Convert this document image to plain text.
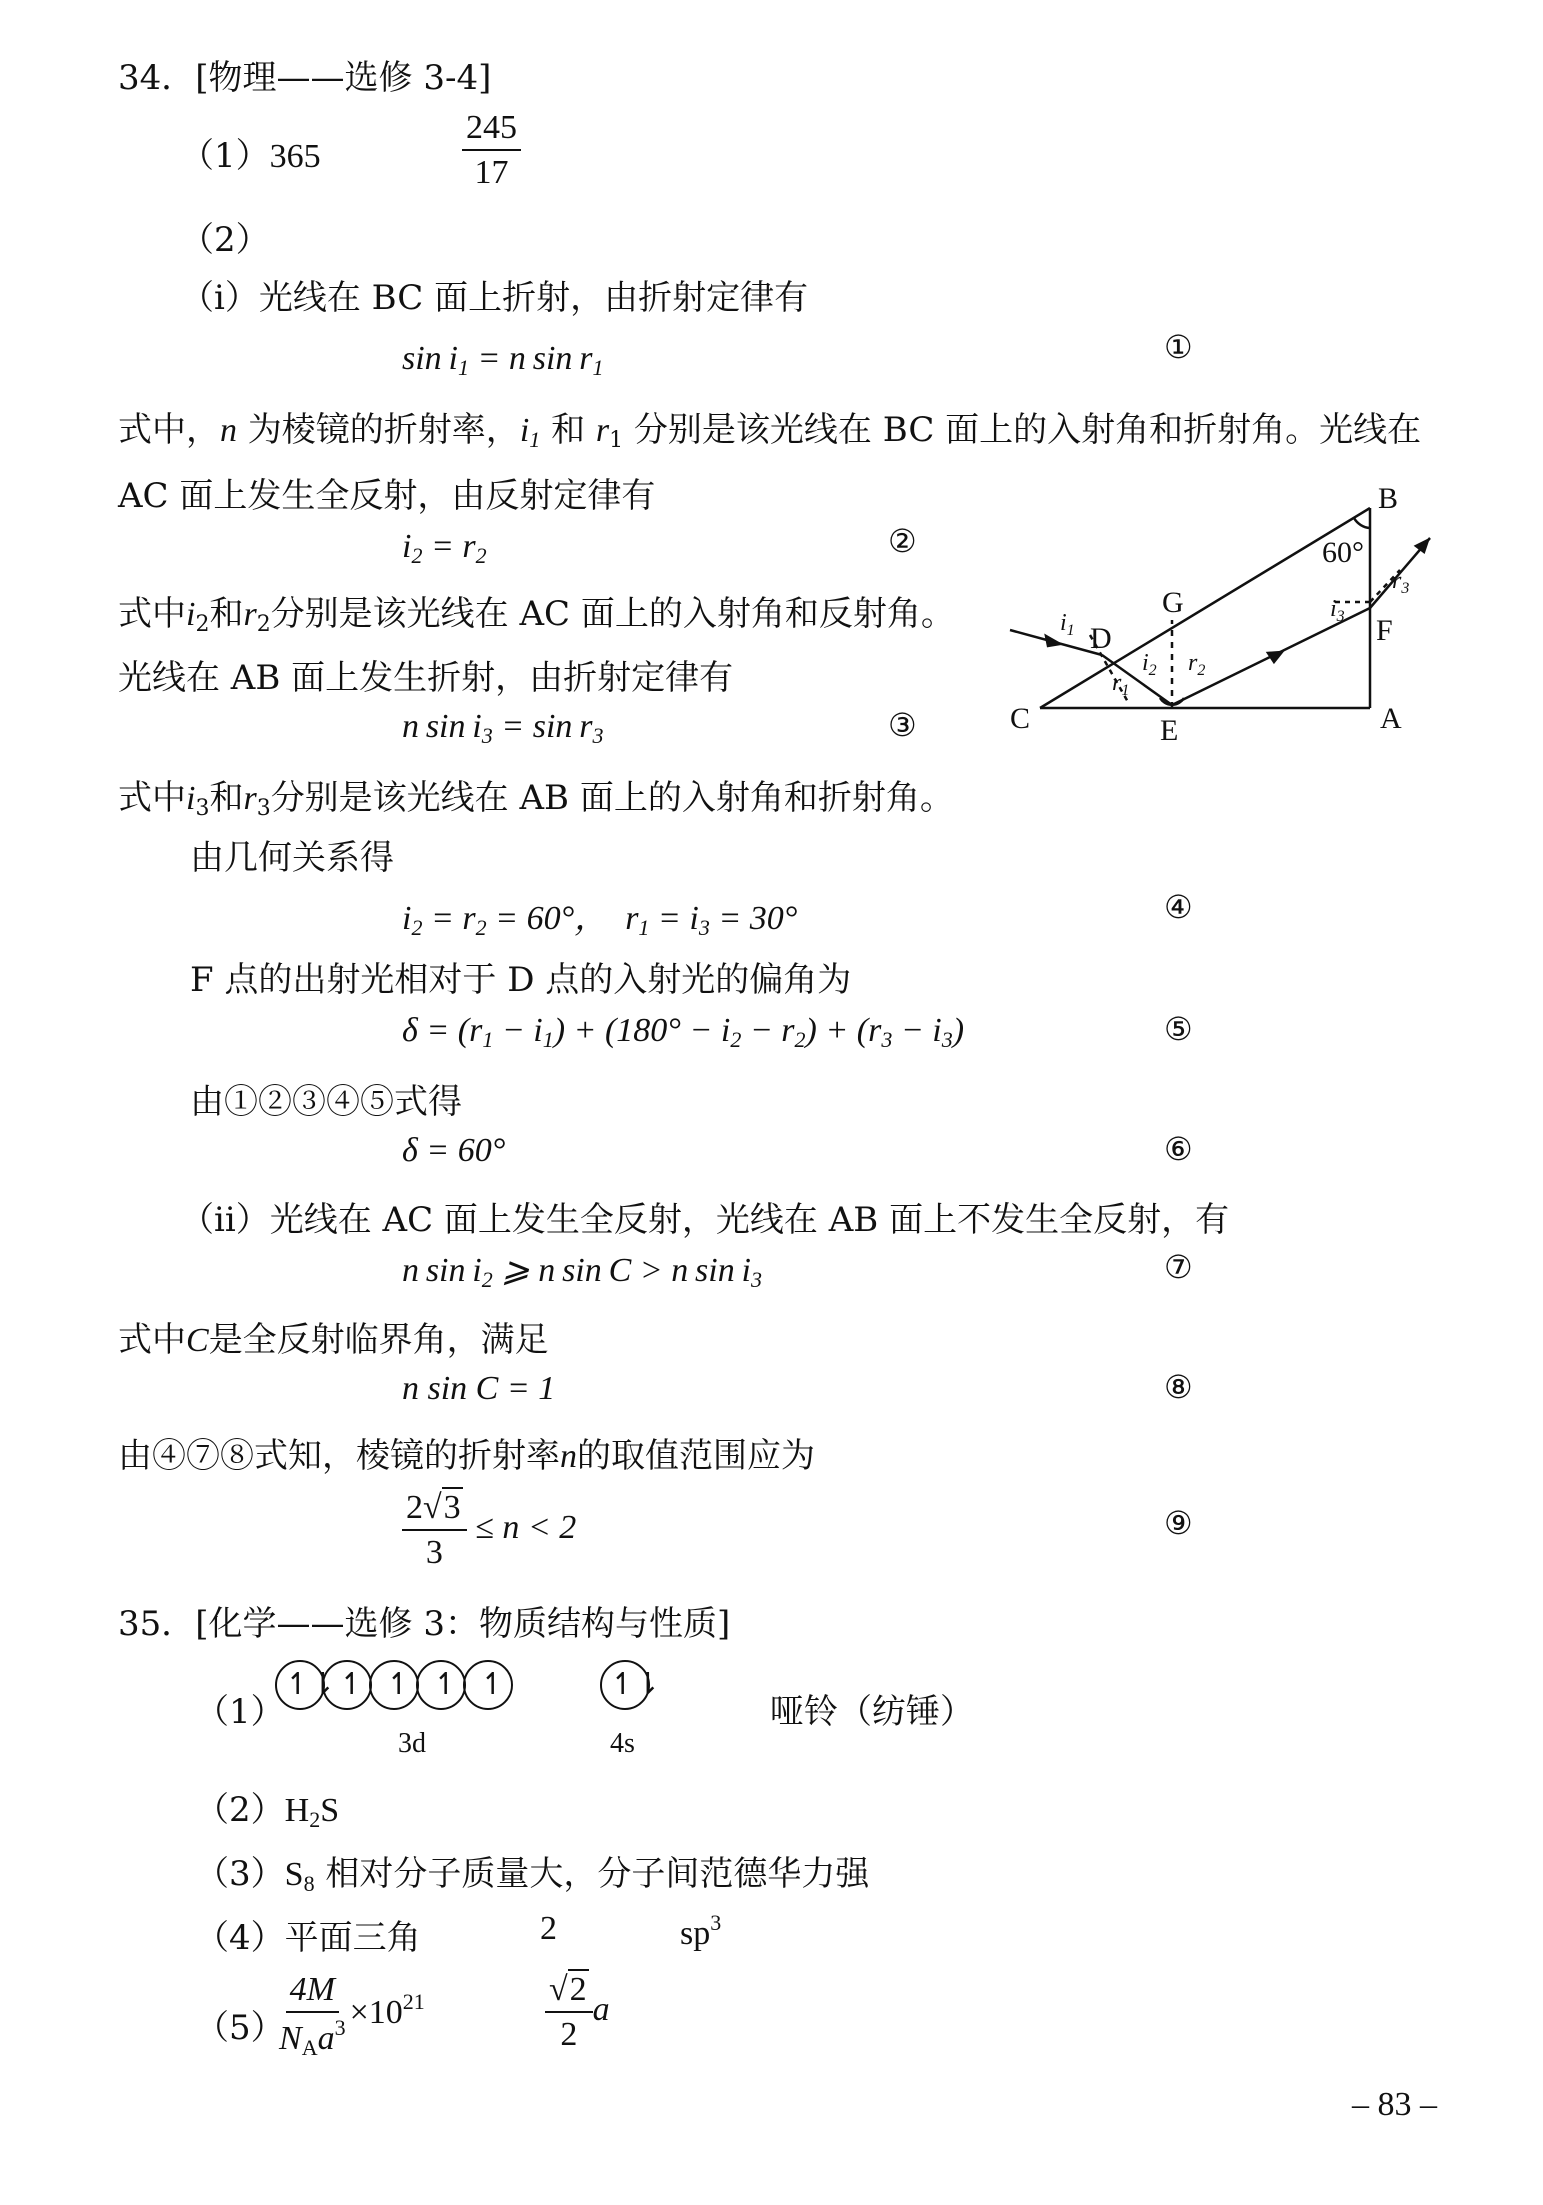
34．[物理——选修 3-4]
（1）365	$\frac{245}{17}$
（2）
（i）光线在 BC 面上折射，由折射定律有
$\sin i_1 = n$ $\sin r_1$
①
式中，n 为棱镜的折射率，$i_1$ 和 $r_1$ 分别是该光线在 BC 面上的入射角和折射角。光线在
AC 面上发生全反射，由反射定律有
$i_2 = r_2$	②
式中$i_2$和$r_2$分别是该光线在 AC 面上的入射角和反射角。
光线在 AB 面上发生折射，由折射定律有
n $\sin i_3 = \sin r_3$	③
式中$i_3$和$r_3$分别是该光线在 AB 面上的入射角和折射角。
B
60°
G
D	F
C	E	A
$i_1$
$r_1$
$i_2$ $r_2$
$i_3$
$r_3$
由几何关系得
$i_2 = r_2 = 60^\circ$，  $r_1 = i_3 = 30^\circ$	④
F 点的出射光相对于 D 点的入射光的偏角为
$\delta = (r_1 - i_1) + (180^\circ - i_2 - r_2) + (r_3 - i_3)$	⑤
由①②③④⑤式得
δ = 60°	⑥
（ii）光线在 AC 面上发生全反射，光线在 AB 面上不发生全反射，有
n $\sin i_2$ ⩾ n sin C > n $\sin i_3$	⑦
式中C是全反射临界角，满足
n sin C = 1	⑧
由④⑦⑧式知，棱镜的折射率n的取值范围应为
$\frac{2√3}{3} \le n < 2$	⑨
35．[化学——选修 3：物质结构与性质]
（1）
↿⇂ ↿ ↿ ↿ ↿	↿⇂
3d	4s
哑铃（纺锤）
$(2)H_2S$
$(3)S_8$ 相对分子质量大，分子间范德华力强
（4）平面三角	2	$sp^3$
（5）
$\frac{4M}{N_Aa^3} \times 10^{21}$	$\frac{√2}{2}$ a
– 83 –
